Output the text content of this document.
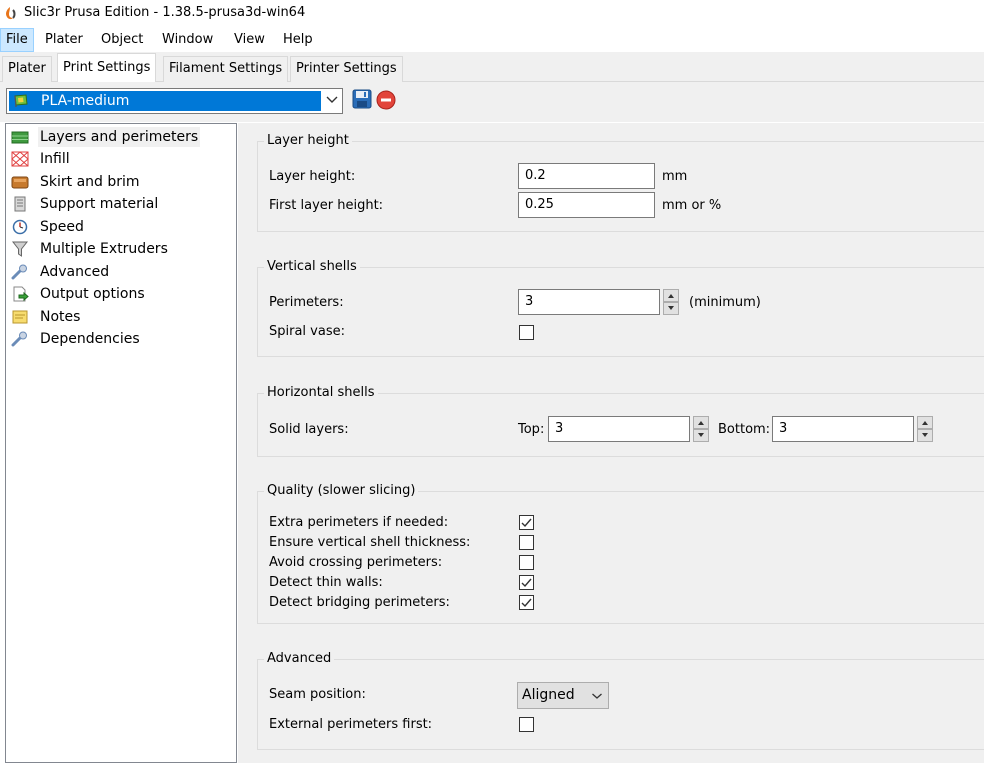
Slic3r Prusa Edition - 1.38.5-prusa3d-win64
File	Plater	Object	Window	View	Help
Plater	Print Settings	Filament Settings	Printer Settings
PLA-medium
Layers and perimeters
Infill
Skirt and brim
Support material
Speed
Multiple Extruders
Advanced
Output options
Notes
Dependencies
Layer height
Layer height:	0.2	mm
First layer height:	0.25	mm or %
Vertical shells
Perimeters:	3	(minimum)
Spiral vase:
Horizontal shells
Solid layers:	Top: 3	Bottom: 3
Quality (slower slicing)
Extra perimeters if needed:
Ensure vertical shell thickness:
Avoid crossing perimeters:
Detect thin walls:
Detect bridging perimeters:
Advanced
Seam position:	Aligned
External perimeters first:
